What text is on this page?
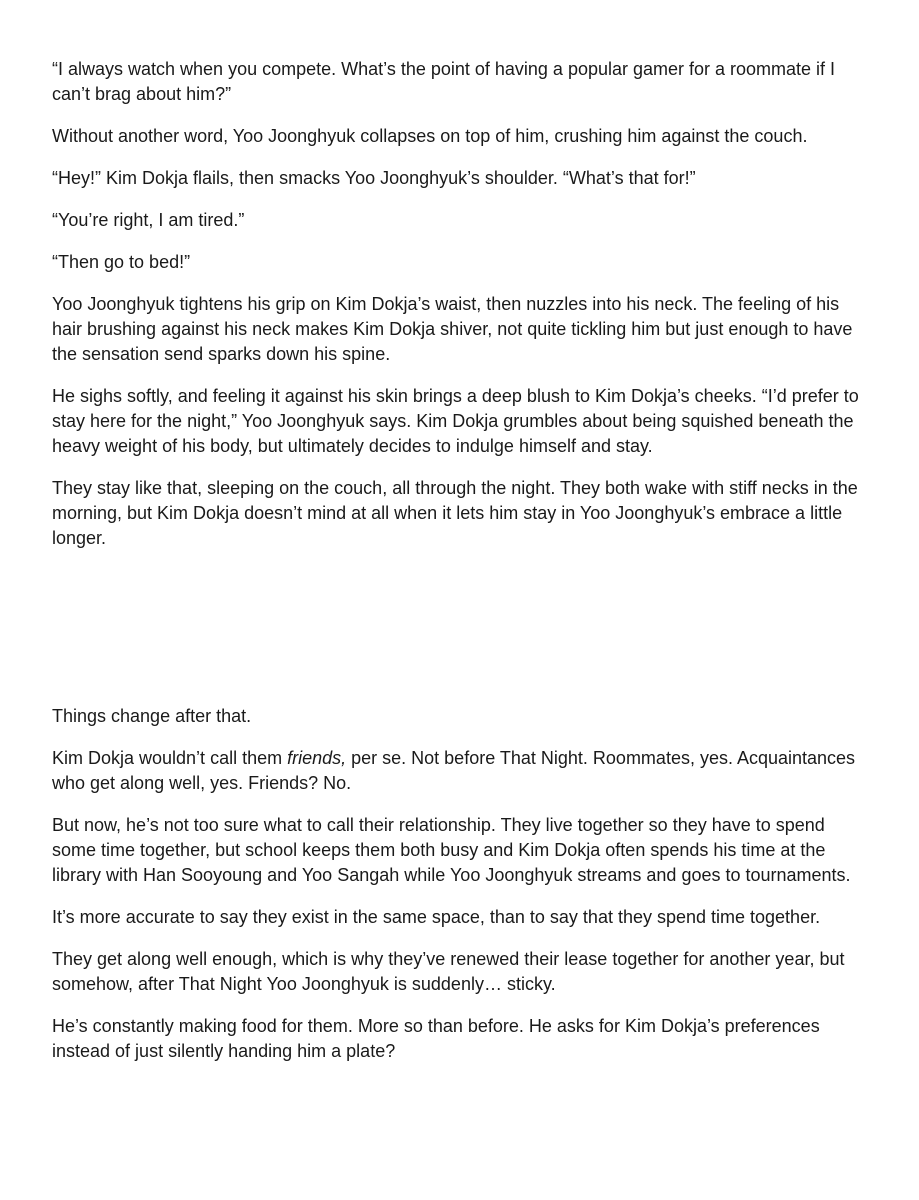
“I always watch when you compete. What’s the point of having a popular gamer for a roommate if I can’t brag about him?”

Without another word, Yoo Joonghyuk collapses on top of him, crushing him against the couch.

“Hey!” Kim Dokja flails, then smacks Yoo Joonghyuk’s shoulder. “What’s that for!”

“You’re right, I am tired.”

“Then go to bed!”

Yoo Joonghyuk tightens his grip on Kim Dokja’s waist, then nuzzles into his neck. The feeling of his hair brushing against his neck makes Kim Dokja shiver, not quite tickling him but just enough to have the sensation send sparks down his spine.

He sighs softly, and feeling it against his skin brings a deep blush to Kim Dokja’s cheeks. “I’d prefer to stay here for the night,” Yoo Joonghyuk says. Kim Dokja grumbles about being squished beneath the heavy weight of his body, but ultimately decides to indulge himself and stay.

They stay like that, sleeping on the couch, all through the night. They both wake with stiff necks in the morning, but Kim Dokja doesn’t mind at all when it lets him stay in Yoo Joonghyuk’s embrace a little longer.

Things change after that.

Kim Dokja wouldn’t call them friends, per se. Not before That Night. Roommates, yes. Acquaintances who get along well, yes. Friends? No.

But now, he’s not too sure what to call their relationship. They live together so they have to spend some time together, but school keeps them both busy and Kim Dokja often spends his time at the library with Han Sooyoung and Yoo Sangah while Yoo Joonghyuk streams and goes to tournaments.

It’s more accurate to say they exist in the same space, than to say that they spend time together.

They get along well enough, which is why they’ve renewed their lease together for another year, but somehow, after That Night Yoo Joonghyuk is suddenly… sticky.

He’s constantly making food for them. More so than before. He asks for Kim Dokja’s preferences instead of just silently handing him a plate?
